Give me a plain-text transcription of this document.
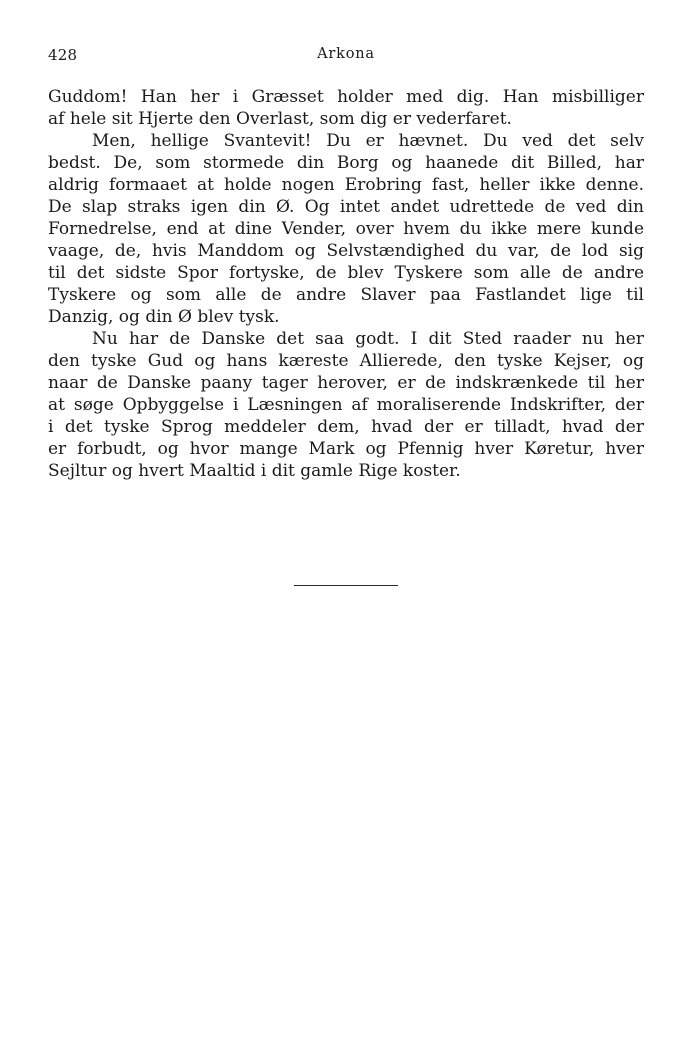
428	Arkona
Guddom! Han her i Græsset holder med dig. Han misbilliger
af hele sit Hjerte den Overlast, som dig er vederfaret.
Men, hellige Svantevit! Du er hævnet. Du ved det selv
bedst. De, som stormede din Borg og haanede dit Billed, har
aldrig formaaet at holde nogen Erobring fast, heller ikke denne.
De slap straks igen din Ø. Og intet andet udrettede de ved din
Fornedrelse, end at dine Vender, over hvem du ikke mere kunde
vaage, de, hvis Manddom og Selvstændighed du var, de lod sig
til det sidste Spor fortyske, de blev Tyskere som alle de andre
Tyskere og som alle de andre Slaver paa Fastlandet lige til
Danzig, og din Ø blev tysk.
Nu har de Danske det saa godt. I dit Sted raader nu her
den tyske Gud og hans kæreste Allierede, den tyske Kejser, og
naar de Danske paany tager herover, er de indskrænkede til her
at søge Opbyggelse i Læsningen af moraliserende Indskrifter, der
i det tyske Sprog meddeler dem, hvad der er tilladt, hvad der
er forbudt, og hvor mange Mark og Pfennig hver Køretur, hver
Sejltur og hvert Maaltid i dit gamle Rige koster.
